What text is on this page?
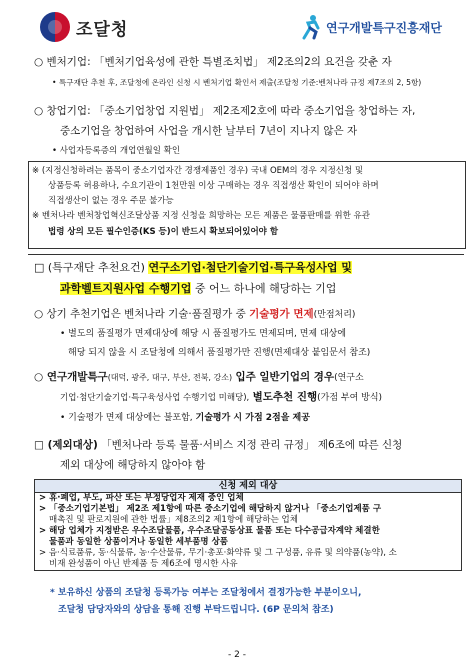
조달청	연구개발특구진흥재단
○ 벤처기업: 「벤처기업육성에 관한 특별조치법」 제2조의2의 요건을 갖춘 자
• 특구재단 추천 후, 조달청에 온라인 신청 시 벤처기업 확인서 제출(조달청 기준:벤처나라 규정 제7조의 2, 5항)
○ 창업기업: 「중소기업창업 지원법」 제2조제2호에 따라 중소기업을 창업하는 자,
중소기업을 창업하여 사업을 개시한 날부터 7년이 지나지 않은 자
• 사업자등록증의 개업연월일 확인
※ (지정신청하려는 품목이 중소기업자간 경쟁제품인 경우) 국내 OEM의 경우 지정신청 및
상품등록 허용하나, 수요기관이 1천만원 이상 구매하는 경우 직접생산 확인이 되어야 하며
직접생산이 없는 경우 주문 불가능
※ 벤처나라 벤처창업혁신조달상품 지정 신청을 희망하는 모든 제품은 물품판매를 위한 유관
법령 상의 모든 필수인증(KS 등)이 반드시 확보되어있어야 함
□ (특구재단 추천요건) 연구소기업·첨단기술기업·특구육성사업 및
과학벨트지원사업 수행기업 중 어느 하나에 해당하는 기업
○ 상기 추천기업은 벤처나라 기술·품질평가 중 기술평가 면제(만점처리)
• 별도의 품질평가 면제대상에 해당 시 품질평가도 면제되며, 면제 대상에
해당 되지 않을 시 조달청에 의해서 품질평가만 진행(면제대상 붙임문서 참조)
○ 연구개발특구(대덕, 광주, 대구, 부산, 전북, 강소) 입주 일반기업의 경우(연구소
기업·첨단기술기업·특구육성사업 수행기업 미해당), 별도추천 진행(가점 부여 방식)
• 기술평가 면제 대상에는 불포함, 기술평가 시 가점 2점을 제공
□ (제외대상) 「벤처나라 등록 물품·서비스 지정 관리 규정」 제6조에 따른 신청
제외 대상에 해당하지 않아야 함
신청 제외 대상
> 휴·폐업, 부도, 파산 또는 부정당업자 제재 중인 업체
> 「중소기업기본법」 제2조 제1항에 따른 중소기업에 해당하지 않거나 「중소기업제품 구
매촉진 및 판로지원에 관한 법률」제8조의2 제1항에 해당하는 업체
> 해당 업체가 지정받은 우수조달물품, 우수조달공동상표 물품 또는 다수공급자계약 체결한
물품과 동일한 상품이거나 동일한 세부품명 상품
> 음·식료품류, 동·식물류, 농·수산물류, 무기·총포·화약류 및 그 구성품, 유류 및 의약품(농약), 소
비재 완성품이 아닌 반제품 등 제6조에 명시한 사유
* 보유하신 상품의 조달청 등록가능 여부는 조달청에서 결정가능한 부분이오니,
조달청 담당자와의 상담을 통해 진행 부탁드립니다. (6P 문의처 참조)
- 2 -
